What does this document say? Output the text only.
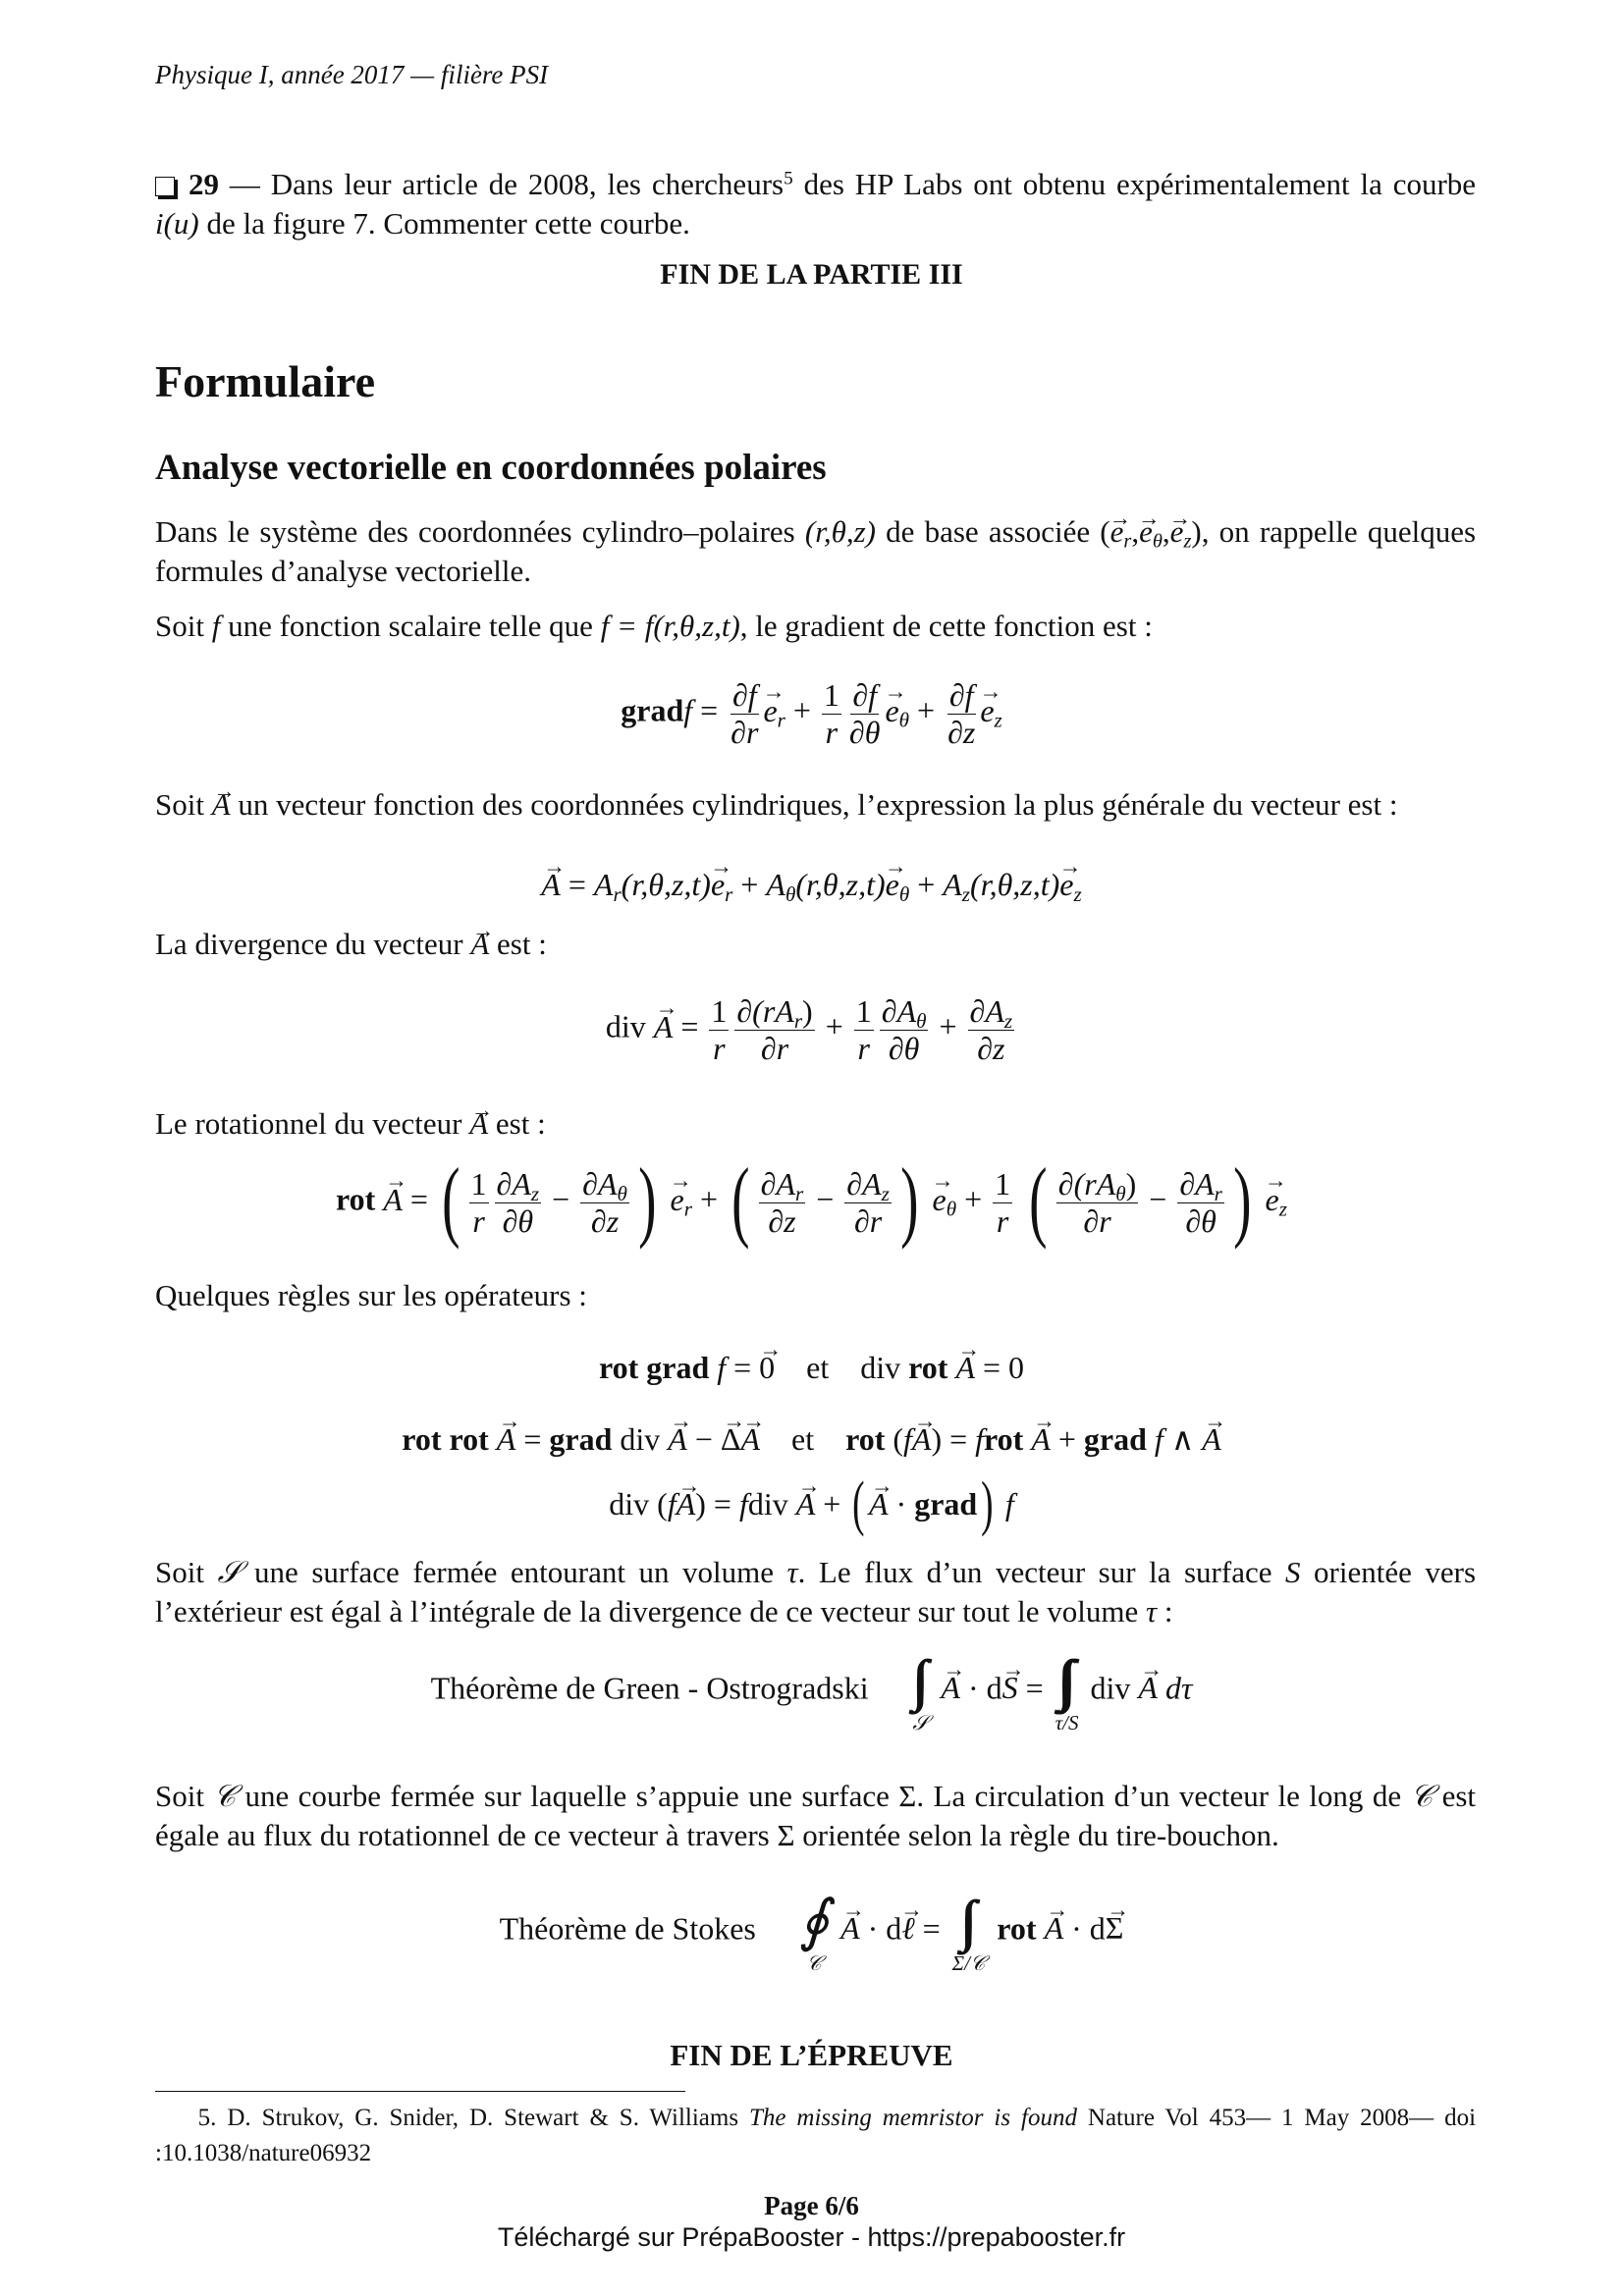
Physique I, année 2017 — filière PSI
29 — Dans leur article de 2008, les chercheurs$^5$ des HP Labs ont obtenu expérimentalement la courbe i(u) de la figure 7. Commenter cette courbe.
FIN DE LA PARTIE III
Formulaire
Analyse vectorielle en coordonnées polaires
Dans le système des coordonnées cylindro–polaires (r,θ,z) de base associée (→ $e_r,\to e_\theta,\to e_z$), on rappelle quelques formules d’analyse vectorielle.
Soit f une fonction scalaire telle que f = f(r,θ,z,t), le gradient de cette fonction est :
gradf = $\frac{\partial f}{\partial r} \to e_r + \frac{1}{r} \frac{\partial f}{\partial\theta} \to e_\theta + \frac{\partial f}{\partial z} \to e_z$
Soit → A un vecteur fonction des coordonnées cylindriques, l’expression la plus générale du vecteur est :
→ $A = A_r(r,\theta,z,t)\to e_r + A_\theta(r,\theta,z,t)\to e_\theta + A_z(r,\theta,z,t)\to e_z$
La divergence du vecteur → A est :
div → $A = \frac{1}{r} \frac{\partial(rA_r)}{\partial r} + \frac{1}{r} \frac{\partial A_\theta}{\partial\theta} + \frac{\partial A_z}{\partial z}$
Le rotationnel du vecteur → A est :
rot → A = ( $\frac{1}{r} \frac{\partial A_z}{\partial\theta} - \frac{\partial A_\theta}{\partial z}$ ) → $e_r$ + ( $\frac{\partial A_r}{\partial z} - \frac{\partial A_z}{\partial r}$ ) → $e_\theta + \frac{1}{r}$ ( $\frac{\partial(rA_\theta)}{\partial r} - \frac{\partial A_r}{\partial\theta}$ ) → $e_z$
Quelques règles sur les opérateurs :
rot grad f = → 0 et div rot → A = 0
rot rot → A = grad div → A − → Δ→ A et rot (f→ A) = frot → A + grad f ∧ → A
div (f→ A) = fdiv → A + ( → A · grad) f
Soit 𝒮 une surface fermée entourant un volume τ. Le flux d’un vecteur sur la surface S orientée vers l’extérieur est égal à l’intégrale de la divergence de ce vecteur sur tout le volume τ :
Théorème de Green - Ostrogradski ∫∫
𝒮
→ A · d→ S = ∫∫∫
τ/S
div → A dτ
Soit 𝒞 une courbe fermée sur laquelle s’appuie une surface Σ. La circulation d’un vecteur le long de 𝒞 est égale au flux du rotationnel de ce vecteur à travers Σ orientée selon la règle du tire-bouchon.
Théorème de Stokes ∮
𝒞
→ A · d→ ℓ = ∫∫
Σ/𝒞
rot → A · d→ Σ
FIN DE L’ÉPREUVE
5. D. Strukov, G. Snider, D. Stewart & S. Williams The missing memristor is found Nature Vol 453— 1 May 2008— doi :10.1038/nature06932
Page 6/6
Téléchargé sur PrépaBooster - https://prepabooster.fr
